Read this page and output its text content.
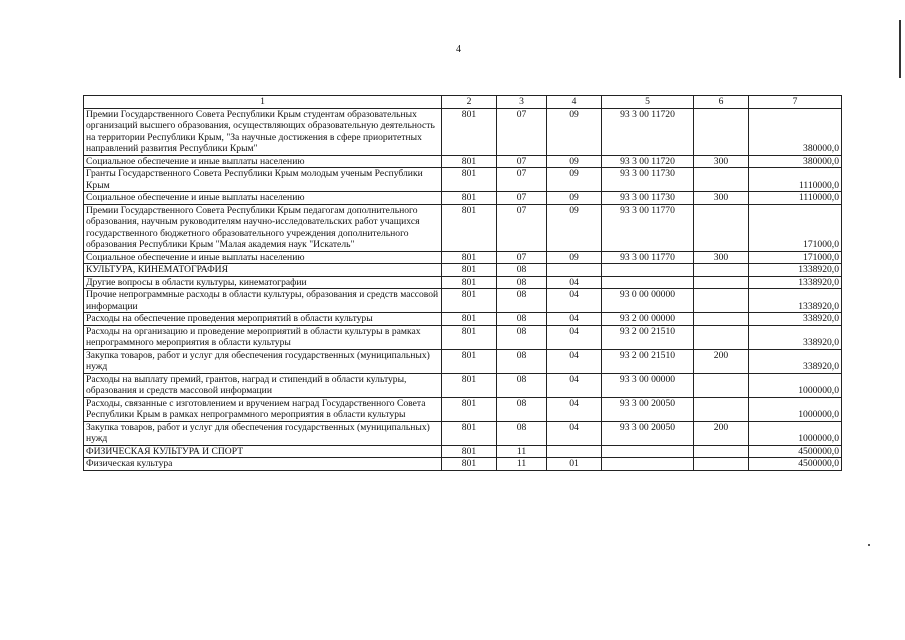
4
1	2	3	4	5	6	7
Премии Государственного Совета Республики Крым студентам образовательных организаций высшего образования, осуществляющих образовательную деятельность на территории Республики Крым, "За научные достижения в сфере приоритетных направлений развития Республики Крым"	801	07	09	93 3 00 11720		380000,0
Социальное обеспечение и иные выплаты населению	801	07	09	93 3 00 11720	300	380000,0
Гранты Государственного Совета Республики Крым молодым ученым Республики Крым	801	07	09	93 3 00 11730		1110000,0
Социальное обеспечение и иные выплаты населению	801	07	09	93 3 00 11730	300	1110000,0
Премии Государственного Совета Республики Крым педагогам дополнительного образования, научным руководителям научно-исследовательских работ учащихся государственного бюджетного образовательного учреждения дополнительного образования Республики Крым "Малая академия наук "Искатель"	801	07	09	93 3 00 11770		171000,0
Социальное обеспечение и иные выплаты населению	801	07	09	93 3 00 11770	300	171000,0
КУЛЬТУРА, КИНЕМАТОГРАФИЯ	801	08				1338920,0
Другие вопросы в области культуры, кинематографии	801	08	04			1338920,0
Прочие непрограммные расходы в области культуры, образования и средств массовой информации	801	08	04	93 0 00 00000		1338920,0
Расходы на обеспечение проведения мероприятий в области культуры	801	08	04	93 2 00 00000		338920,0
Расходы на организацию и проведение мероприятий в области культуры в рамках непрограммного мероприятия в области культуры	801	08	04	93 2 00 21510		338920,0
Закупка товаров, работ и услуг для обеспечения государственных (муниципальных) нужд	801	08	04	93 2 00 21510	200	338920,0
Расходы на выплату премий, грантов, наград и стипендий в области культуры, образования и средств массовой информации	801	08	04	93 3 00 00000		1000000,0
Расходы, связанные с изготовлением и вручением наград Государственного Совета Республики Крым в рамках непрограммного мероприятия в области культуры	801	08	04	93 3 00 20050		1000000,0
Закупка товаров, работ и услуг для обеспечения государственных (муниципальных) нужд	801	08	04	93 3 00 20050	200	1000000,0
ФИЗИЧЕСКАЯ КУЛЬТУРА И СПОРТ	801	11				4500000,0
Физическая культура	801	11	01			4500000,0
